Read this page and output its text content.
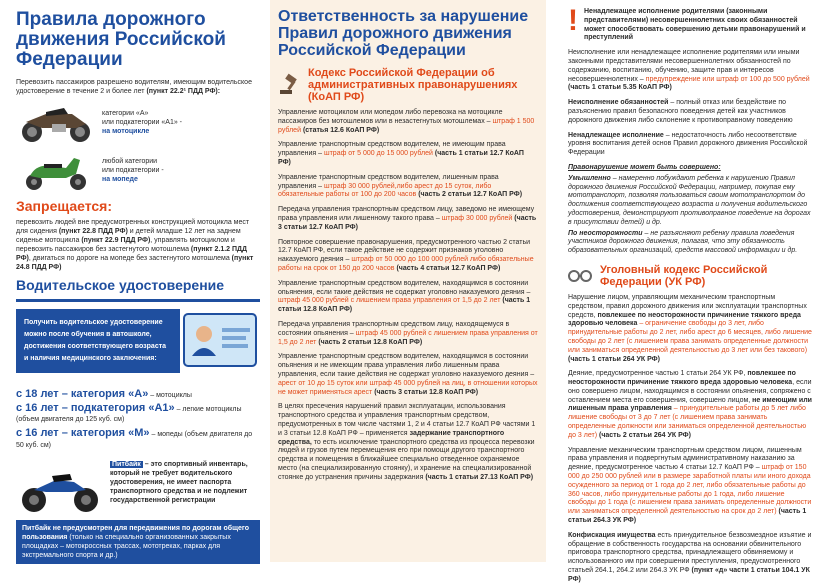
Правила дорожного движения Российской Федерации

Перевозить пассажиров разрешено водителям, имеющим водительское удостоверение в течение 2 и более лет (пункт 22.2¹ ПДД РФ):

категории «А»
или подкатегории «А1» -
на мотоцикле
любой категории
или подкатегории -
на мопеде
Запрещается:

перевозить людей вне предусмотренных конструкцией мотоцикла мест для сидения (пункт 22.8 ПДД РФ) и детей младше 12 лет на заднем сиденье мотоцикла (пункт 22.9 ПДД РФ), управлять мотоциклом и перевозить пассажиров без застегнутого мотошлема (пункт 2.1.2 ПДД РФ), двигаться по дороге на мопеде без застегнутого мотошлема (пункт 24.8 ПДД РФ)

Водительское удостоверение
Получить водительское удостоверение можно после обучения в автошколе, достижения соответствующего возраста и наличия медицинского заключения:
с 18 лет – категория «А» – мотоциклы
с 16 лет – подкатегория «А1» – легкие мотоциклы
(объем двигателя до 125 куб. см)
с 16 лет – категория «М» – мопеды (объем двигателя до 50 куб. см)
Питбайк – это спортивный инвентарь, который не требует водительского удостоверения, не имеет паспорта транспортного средства и не подлежит государственной регистрации
Питбайк не предусмотрен для передвижения по дорогам общего пользования (только на специально организованных закрытых площадках – мотокроссных трассах, мототреках, парках для экстремального спорта и др.)
Ответственность за нарушение Правил дорожного движения Российской Федерации
Кодекс Российской Федерации об административных правонарушениях (КоАП РФ)

Управление мотоциклом или мопедом либо перевозка на мотоцикле пассажиров без мотошлемов или в незастегнутых мотошлемах – штраф 1 500 рублей (статья 12.6 КоАП РФ)

Управление транспортным средством водителем, не имеющим права управления – штраф от 5 000 до 15 000 рублей (часть 1 статьи 12.7 КоАП РФ)

Управление транспортным средством водителем, лишенным права управления – штраф 30 000 рублей,либо арест до 15 суток, либо обязательные работы от 100 до 200 часов (часть 2 статьи 12.7 КоАП РФ)

Передача управления транспортным средством лицу, заведомо не имеющему права управления или лишенному такого права – штраф 30 000 рублей (часть 3 статьи 12.7 КоАП РФ)

Повторное совершение правонарушения, предусмотренного частью 2 статьи 12.7 КоАП РФ, если такое действие не содержит признаков уголовно наказуемого деяния – штраф от 50 000 до 100 000 рублей либо обязательные работы на срок от 150 до 200 часов (часть 4 статьи 12.7 КоАП РФ)

Управление транспортным средством водителем, находящимся в состоянии опьянения, если такие действия не содержат уголовно наказуемого деяния – штраф 45 000 рублей с лишением права управления от 1,5 до 2 лет (часть 1 статьи 12.8 КоАП РФ)

Передача управления транспортным средством лицу, находящемуся в состоянии опьянения – штраф 45 000 рублей с лишением права управления от 1,5 до 2 лет (часть 2 статьи 12.8 КоАП РФ)

Управление транспортным средством водителем, находящимся в состоянии опьянения и не имеющим права управления либо лишенным права управления, если такие действия не содержат уголовно наказуемого деяния – арест от 10 до 15 суток или штраф 45 000 рублей на лиц, в отношении которых не может применяться арест (часть 3 статьи 12.8 КоАП РФ)

В целях пресечения нарушений правил эксплуатации, использования транспортного средства и управления транспортным средством, предусмотренных в том числе частями 1, 2 и 4 статьи 12.7 КоАП РФ частями 1 и 3 статьи 12.8 КоАП РФ – применяется задержание транспортного средства, то есть исключение транспортного средства из процесса перевозки людей и грузов путем перемещения его при помощи другого транспортного средства и помещения в ближайшее специально отведенное охраняемое место (на специализированную стоянку), и хранение на специализированной стоянке до устранения причины задержания (часть 1 статьи 27.13 КоАП РФ)

! Ненадлежащее исполнение родителями (законными представителями) несовершеннолетних своих обязанностей может способствовать совершению детьми правонарушений и преступлений

Неисполнение или ненадлежащее исполнение родителями или иными законными представителями несовершеннолетних обязанностей по содержанию, воспитанию, обучению, защите прав и интересов несовершеннолетних – предупреждение или штраф от 100 до 500 рублей (часть 1 статьи 5.35 КоАП РФ)

Неисполнение обязанностей – полный отказ или бездействие по разъяснению правил безопасного поведения детей как участников дорожного движения либо склонение к противоправному поведению

Ненадлежащее исполнение – недостаточность либо несоответствие уровня воспитания детей основ Правил дорожного движения Российской Федерации

Правонарушение может быть совершено:

Умышленно – намеренно побуждают ребенка к нарушению Правил дорожного движения Российской Федерации, например, покупая ему мототранспорт, позволяя пользоваться своим мототранспортом до достижения соответствующего возраста и получения водительского удостоверения, демонстрируют противоправное поведение на дорогах в присутствии детей) и др.

По неосторожности – не разъясняют ребенку правила поведения участников дорожного движения, полагая, что эту обязанность образовательных организаций, средств массовой информации и др.

Уголовный кодекс Российской Федерации (УК РФ)

Нарушение лицом, управляющим механическим транспортным средством, правил дорожного движения или эксплуатации транспортных средств, повлекшее по неосторожности причинение тяжкого вреда здоровью человека – ограничение свободы до 3 лет, либо принудительные работы до 2 лет, либо арест до 6 месяцев, либо лишение свободы до 2 лет (с лишением права занимать определенные должности или заниматься определенной деятельностью до 3 лет или без такового) (часть 1 статьи 264 УК РФ)

Деяние, предусмотренное частью 1 статьи 264 УК РФ, повлекшее по неосторожности причинение тяжкого вреда здоровью человека, если оно совершено лицом, находящимся в состоянии опьянения, сопряжено с оставлением места его совершения, совершено лицом, не имеющим или лишенным права управления – принудительные работы до 5 лет либо лишение свободы от 3 до 7 лет (с лишением права занимать определенные должности или заниматься определенной деятельностью до 3 лет) (часть 2 статьи 264 УК РФ)

Управление механическим транспортным средством лицом, лишенным права управления и подвергнутым административному наказанию за деяние, предусмотренное частью 4 статьи 12.7 КоАП РФ – штраф от 150 000 до 250 000 рублей или в размере заработной платы или иного дохода осужденного за период от 1 года до 2 лет, либо обязательные работы до 360 часов, либо принудительные работы до 1 года, либо лишение свободы до 1 года (с лишением права занимать определенные должности или заниматься определенной деятельностью на срок до 2 лет) (часть 1 статьи 264.3 УК РФ)

Конфискация имущества есть принудительное безвозмездное изъятие и обращение в собственность государства на основании обвинительного приговора транспортного средства, принадлежащего обвиняемому и использованного им при совершении преступления, предусмотренного статьей 264.1, 264.2 или 264.3 УК РФ (пункт «д» части 1 статьи 104.1 УК РФ)
